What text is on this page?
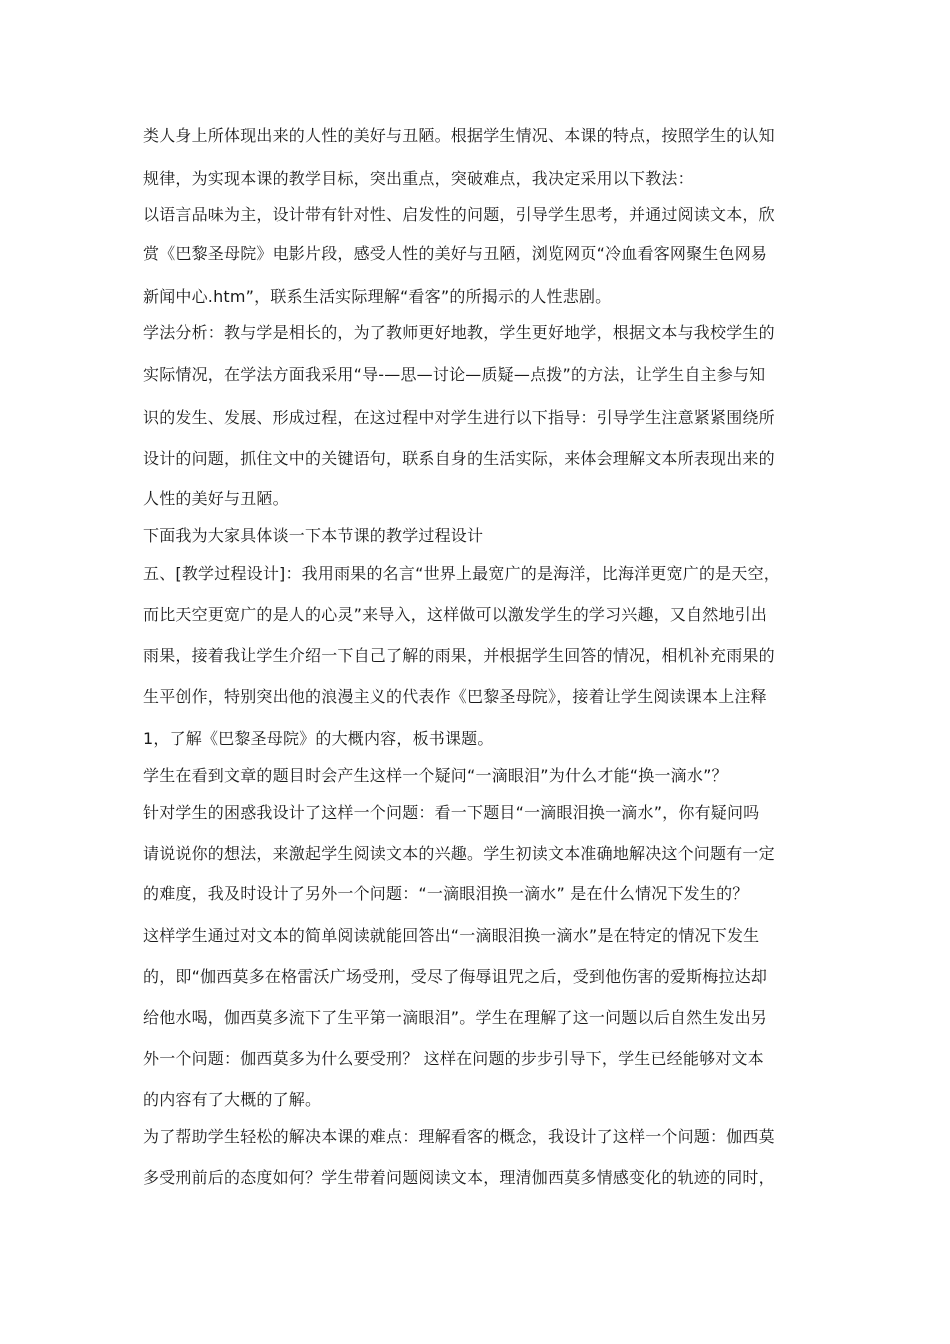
类人身上所体现出来的人性的美好与丑陋。根据学生情况、本课的特点，按照学生的认知
规律，为实现本课的教学目标，突出重点，突破难点，我决定采用以下教法：
以语言品味为主，设计带有针对性、启发性的问题，引导学生思考，并通过阅读文本，欣
赏《巴黎圣母院》电影片段，感受人性的美好与丑陋，浏览网页“冷血看客网聚生色网易
新闻中心.htm”，联系生活实际理解“看客”的所揭示的人性悲剧。
学法分析：教与学是相长的，为了教师更好地教，学生更好地学，根据文本与我校学生的
实际情况，在学法方面我采用“导-—思—讨论—质疑—点拨”的方法，让学生自主参与知
识的发生、发展、形成过程，在这过程中对学生进行以下指导：引导学生注意紧紧围绕所
设计的问题，抓住文中的关键语句，联系自身的生活实际，来体会理解文本所表现出来的
人性的美好与丑陋。
下面我为大家具体谈一下本节课的教学过程设计
五、[教学过程设计]：我用雨果的名言“世界上最宽广的是海洋，比海洋更宽广的是天空，
而比天空更宽广的是人的心灵”来导入，这样做可以激发学生的学习兴趣，又自然地引出
雨果，接着我让学生介绍一下自己了解的雨果，并根据学生回答的情况，相机补充雨果的
生平创作，特别突出他的浪漫主义的代表作《巴黎圣母院》，接着让学生阅读课本上注释
1，了解《巴黎圣母院》的大概内容，板书课题。
学生在看到文章的题目时会产生这样一个疑问“一滴眼泪”为什么才能“换一滴水”？
针对学生的困惑我设计了这样一个问题：看一下题目“一滴眼泪换一滴水”，你有疑问吗
请说说你的想法，来激起学生阅读文本的兴趣。学生初读文本准确地解决这个问题有一定
的难度，我及时设计了另外一个问题：“一滴眼泪换一滴水” 是在什么情况下发生的？
这样学生通过对文本的简单阅读就能回答出“一滴眼泪换一滴水”是在特定的情况下发生
的，即“伽西莫多在格雷沃广场受刑，受尽了侮辱诅咒之后，受到他伤害的爱斯梅拉达却
给他水喝，伽西莫多流下了生平第一滴眼泪”。学生在理解了这一问题以后自然生发出另
外一个问题：伽西莫多为什么要受刑？ 这样在问题的步步引导下，学生已经能够对文本
的内容有了大概的了解。
为了帮助学生轻松的解决本课的难点：理解看客的概念，我设计了这样一个问题：伽西莫
多受刑前后的态度如何？学生带着问题阅读文本，理清伽西莫多情感变化的轨迹的同时，
